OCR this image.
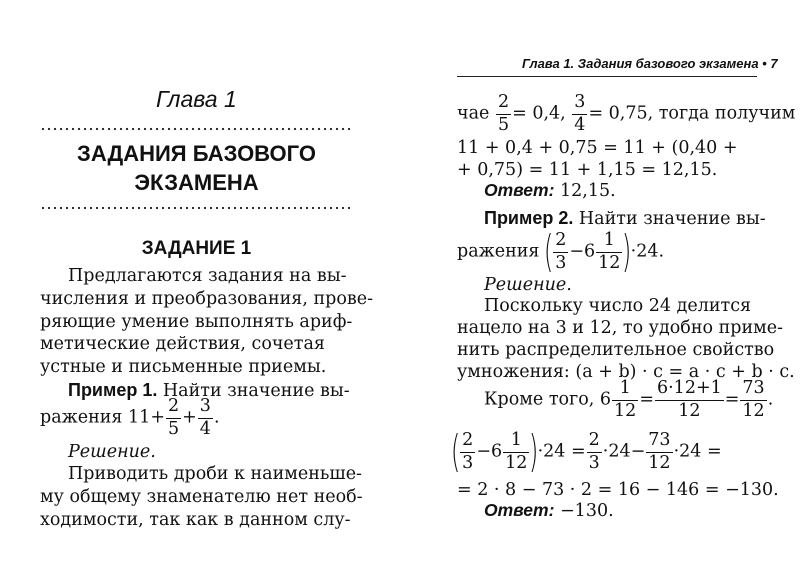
Глава 1
ЗАДАНИЯ БАЗОВОГО
ЭКЗАМЕНА
ЗАДАНИЕ 1
Предлагаются задания на вы-
числения и преобразования, прове-
ряющие умение выполнять ариф-
метические действия, сочетая
устные и письменные приемы.
Пример 1. Найти значение вы-
ражения $11+ \frac{2}{5} + \frac{3}{4}$ .
Решение.
Приводить дроби к наименьше-
му общему знаменателю нет необ-
ходимости, так как в данном слу-
Глава 1. Задания базового экзамена • 7
чае $\frac{2}{5} = 0,4$, $\frac{3}{4} = 0,75$, тогда получим
11 + 0,4 + 0,75 = 11 + (0,40 +
+ 0,75) = 11 + 1,15 = 12,15.
Ответ: 12,15.
Пример 2. Найти значение вы-
ражения ( $\frac{2}{3} -6 \frac{1}{12} )\cdot 24$.
Решение.
Поскольку число 24 делится
нацело на 3 и 12, то удобно приме-
нить распределительное свойство
умножения: (a + b) · c = a · c + b · c.
Кроме того, $6 \frac{1}{12} = \frac{6\cdot 12+1}{12} = \frac{73}{12}$ .
( $\frac{2}{3} -6 \frac{1}{12} )\cdot 24 = \frac{2}{3} \cdot 24- \frac{73}{12} \cdot 24$ =
= 2 · 8 − 73 · 2 = 16 − 146 = −130.
Ответ: −130.
